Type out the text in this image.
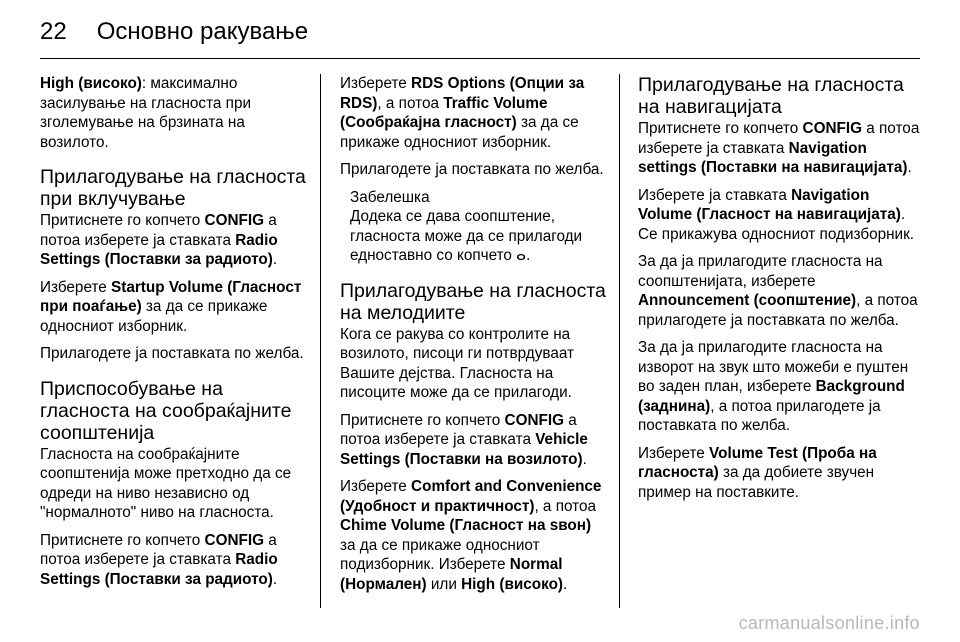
22 Основно ракување

High (високо): максимално засилување на гласноста при зголемување на брзината на возилото.

Прилагодување на гласноста при вклучување

Притиснете го копчето CONFIG а потоа изберете ја ставката Radio Settings (Поставки за радиото).

Изберете Startup Volume (Гласност при пoaѓање) за да се прикаже односниот изборник.

Прилагодете ја поставката по желба.

Приспособување на гласноста на сообраќајните соопштенија

Гласноста на сообраќајните соопштенија може претходно да се одреди на ниво независно од "нормалното" ниво на гласноста.

Притиснете го копчето CONFIG а потоа изберете ја ставката Radio Settings (Поставки за радиото).

Изберете RDS Options (Опции за RDS), а потоа Traffic Volume (Сообраќајна гласност) за да се прикаже односниот изборник.

Прилагодете ја поставката по желба.

Забелешка
Додека се дава соопштение, гласноста може да се прилагоди едноставно со копчето ⴰ.
Прилагодување на гласноста на мелодиите

Кога се ракува со контролите на возилото, писоци ги потврдуваат Вашите дејства. Гласноста на писоците може да се прилагоди.

Притиснете го копчето CONFIG а потоа изберете ја ставката Vehicle Settings (Поставки на возилото).

Изберете Comfort and Convenience (Удобност и практичност), а потоа Chime Volume (Гласност на ѕвон) за да се прикаже односниот подизборник. Изберете Normal (Нормален) или High (високо).

Прилагодување на гласноста на навигацијата

Притиснете го копчето CONFIG а потоа изберете ја ставката Navigation settings (Поставки на навигацијата).

Изберете ја ставката Navigation Volume (Гласност на навигацијата). Се прикажува односниот подизборник.

За да ја прилагодите гласноста на соопштенијата, изберете Announcement (соопштение), а потоа прилагодете ја поставката по желба.

За да ја прилагодите гласноста на изворот на звук што можеби е пуштен во заден план, изберете Background (заднина), а потоа прилагодете ја поставката по желба.

Изберете Volume Test (Проба на гласноста) за да добиете звучен пример на поставките.

carmanualsonline.info
